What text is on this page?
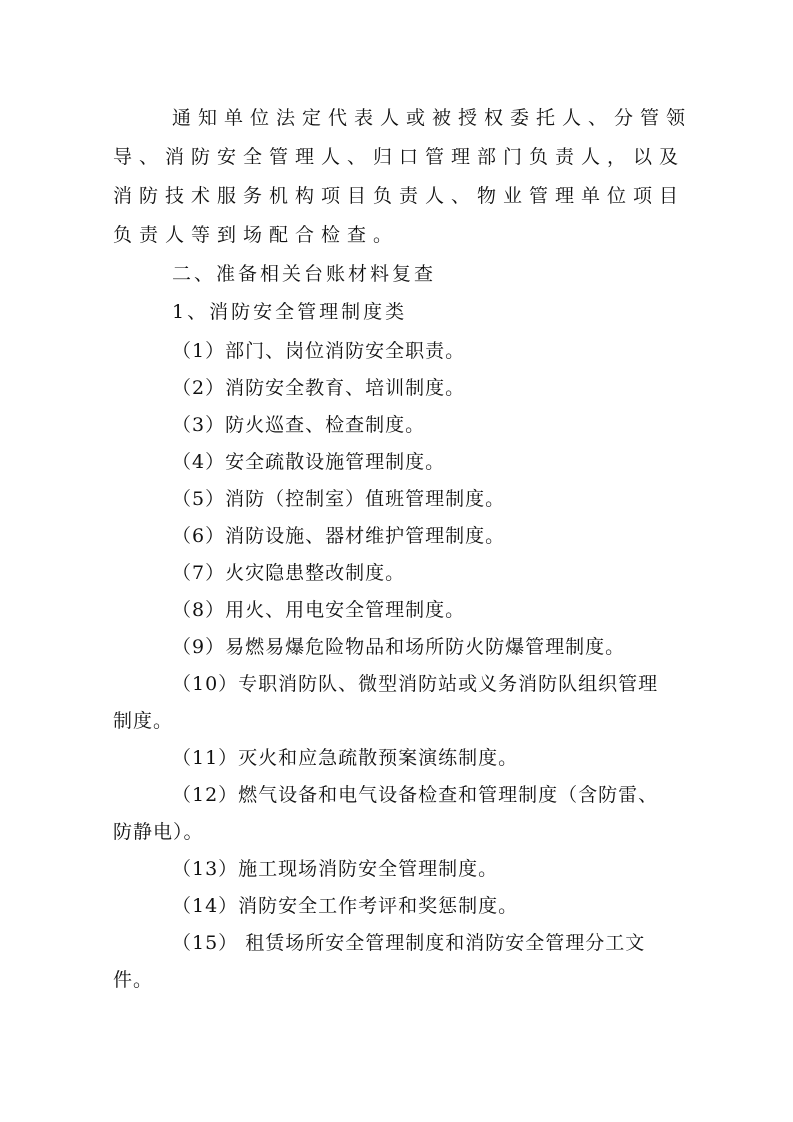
通知单位法定代表人或被授权委托人、分管领
导、消防安全管理人、归口管理部门负责人，以及
消防技术服务机构项目负责人、物业管理单位项目
负责人等到场配合检查。
二、准备相关台账材料复查
1、消防安全管理制度类
（1）部门、岗位消防安全职责。
（2）消防安全教育、培训制度。
（3）防火巡查、检查制度。
（4）安全疏散设施管理制度。
（5）消防（控制室）值班管理制度。
（6）消防设施、器材维护管理制度。
（7）火灾隐患整改制度。
（8）用火、用电安全管理制度。
（9）易燃易爆危险物品和场所防火防爆管理制度。
（10）专职消防队、微型消防站或义务消防队组织管理
制度。
（11）灭火和应急疏散预案演练制度。
（12）燃气设备和电气设备检查和管理制度（含防雷、
防静电）。
（13）施工现场消防安全管理制度。
（14）消防安全工作考评和奖惩制度。
（15） 租赁场所安全管理制度和消防安全管理分工文
件。
